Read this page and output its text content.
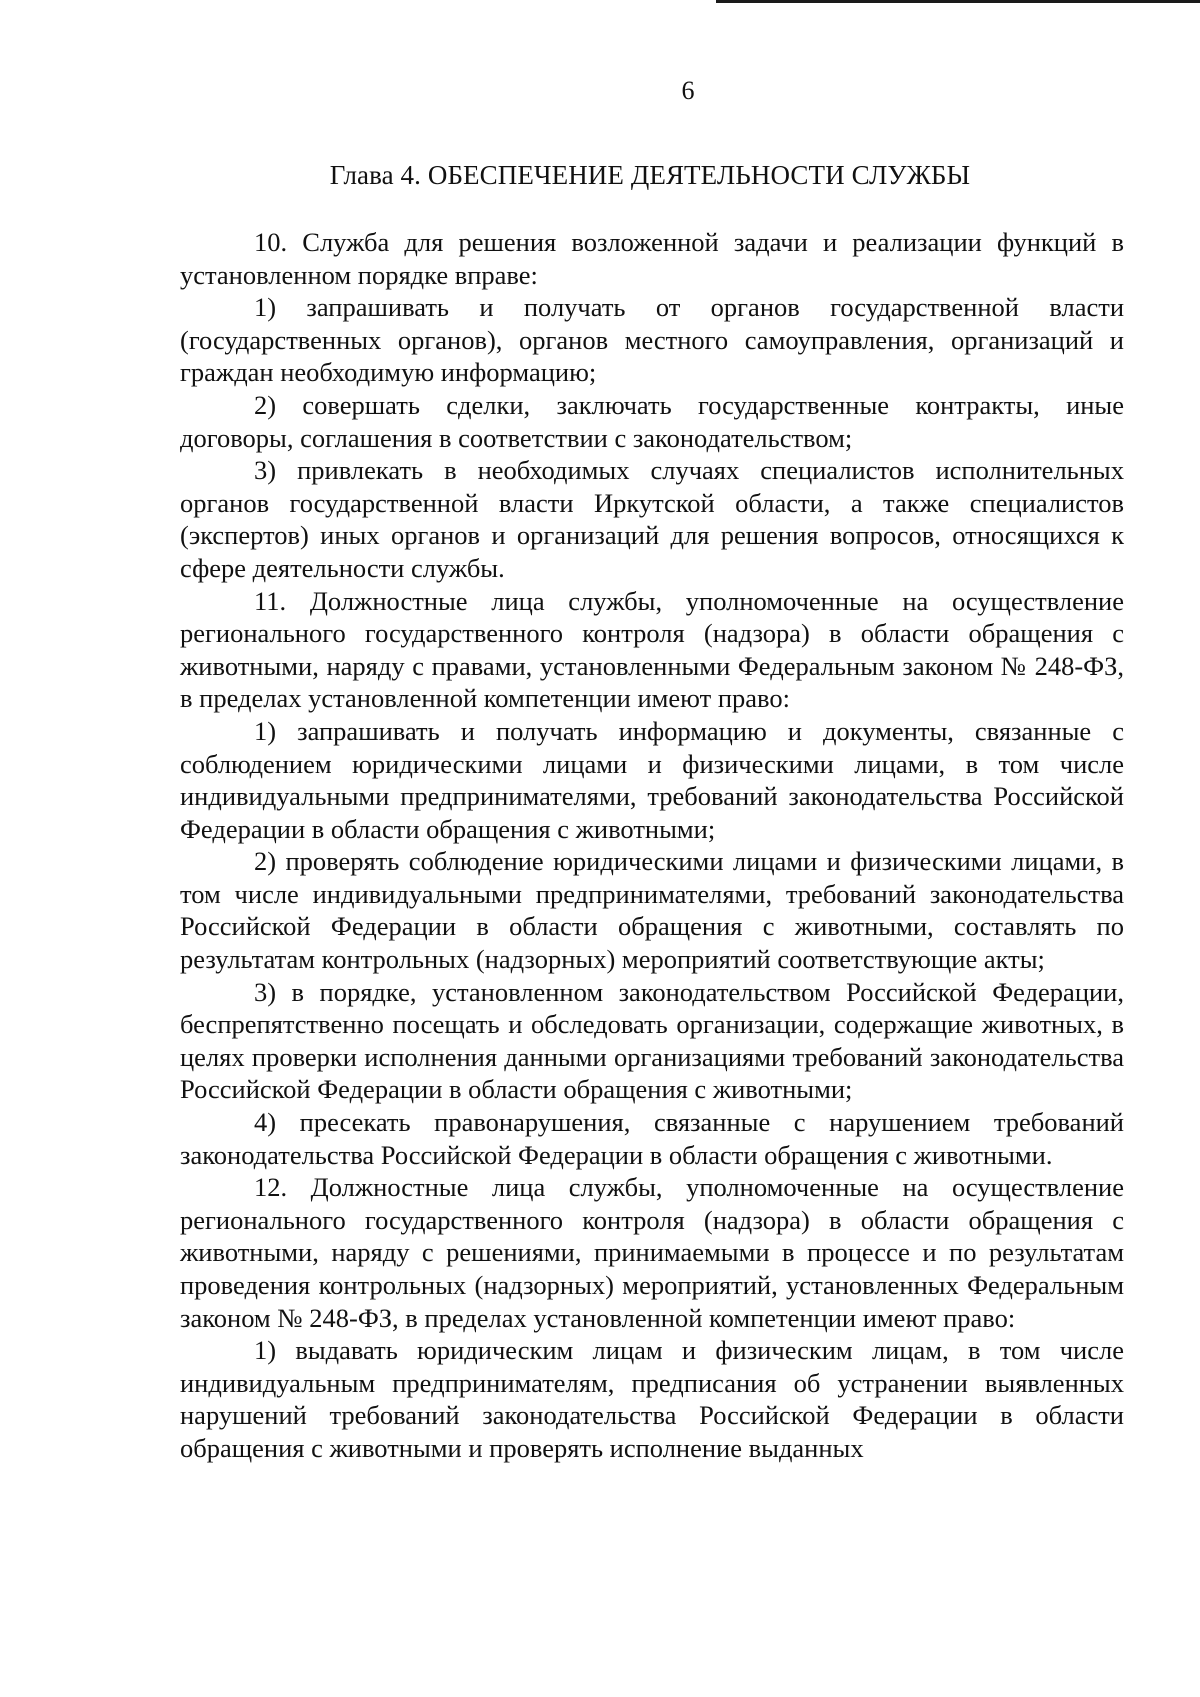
6
Глава 4. ОБЕСПЕЧЕНИЕ ДЕЯТЕЛЬНОСТИ СЛУЖБЫ

10. Служба для решения возложенной задачи и реализации функций в установленном порядке вправе:

1) запрашивать и получать от органов государственной власти (государственных органов), органов местного самоуправления, организаций и граждан необходимую информацию;

2) совершать сделки, заключать государственные контракты, иные договоры, соглашения в соответствии с законодательством;

3) привлекать в необходимых случаях специалистов исполнительных органов государственной власти Иркутской области, а также специалистов (экспертов) иных органов и организаций для решения вопросов, относящихся к сфере деятельности службы.

11. Должностные лица службы, уполномоченные на осуществление регионального государственного контроля (надзора) в области обращения с животными, наряду с правами, установленными Федеральным законом № 248-ФЗ, в пределах установленной компетенции имеют право:

1) запрашивать и получать информацию и документы, связанные с соблюдением юридическими лицами и физическими лицами, в том числе индивидуальными предпринимателями, требований законодательства Российской Федерации в области обращения с животными;

2) проверять соблюдение юридическими лицами и физическими лицами, в том числе индивидуальными предпринимателями, требований законодательства Российской Федерации в области обращения с животными, составлять по результатам контрольных (надзорных) мероприятий соответствующие акты;

3) в порядке, установленном законодательством Российской Федерации, беспрепятственно посещать и обследовать организации, содержащие животных, в целях проверки исполнения данными организациями требований законодательства Российской Федерации в области обращения с животными;

4) пресекать правонарушения, связанные с нарушением требований законодательства Российской Федерации в области обращения с животными.

12. Должностные лица службы, уполномоченные на осуществление регионального государственного контроля (надзора) в области обращения с животными, наряду с решениями, принимаемыми в процессе и по результатам проведения контрольных (надзорных) мероприятий, установленных Федеральным законом № 248-ФЗ, в пределах установленной компетенции имеют право:

1) выдавать юридическим лицам и физическим лицам, в том числе индивидуальным предпринимателям, предписания об устранении выявленных нарушений требований законодательства Российской Федерации в области обращения с животными и проверять исполнение выданных
